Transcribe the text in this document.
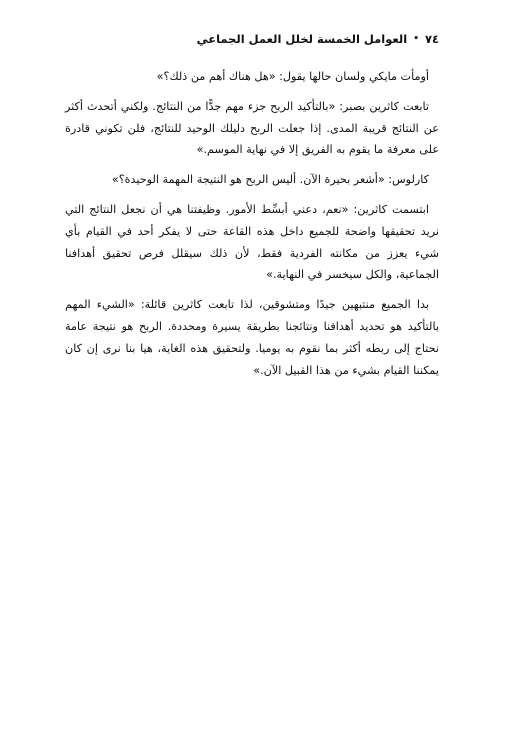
٧٤
•
العوامل الخمسة لخلل العمل الجماعي

أومأت مايكي ولسان حالها يقول: «هل هناك أهم من ذلك؟»

تابعت كاثرين بصبر: «بالتأكيد الربح جزء مهم جدًّا من النتائج. ولكني أتحدث أكثر عن النتائج قريبة المدى. إذا جعلت الربح دليلك الوحيد للنتائج، فلن تكوني قادرة على معرفة ما يقوم به الفريق إلا في نهاية الموسم.»

كارلوس: «أشعر بحيرة الآن. أليس الربح هو النتيجة المهمة الوحيدة؟»

ابتسمت كاثرين: «نعم، دعني أبسِّط الأمور. وظيفتنا هي أن نجعل النتائج التي نريد تحقيقها واضحة للجميع داخل هذه القاعة حتى لا يفكر أحد في القيام بأي شيء يعزز من مكانته الفردية فقط، لأن ذلك سيقلل فرص تحقيق أهدافنا الجماعية، والكل سيخسر في النهاية.»

بدا الجميع منتبهين جيدًا ومتشوقين، لذا تابعت كاثرين قائلة: «الشيء المهم بالتأكيد هو تحديد أهدافنا ونتائجنا بطريقة يسيرة ومحددة. الربح هو نتيجة عامة نحتاج إلى ربطه أكثر بما نقوم به يوميا. ولتحقيق هذه الغاية، هيا بنا نرى إن كان يمكننا القيام بشيء من هذا القبيل الآن.»
